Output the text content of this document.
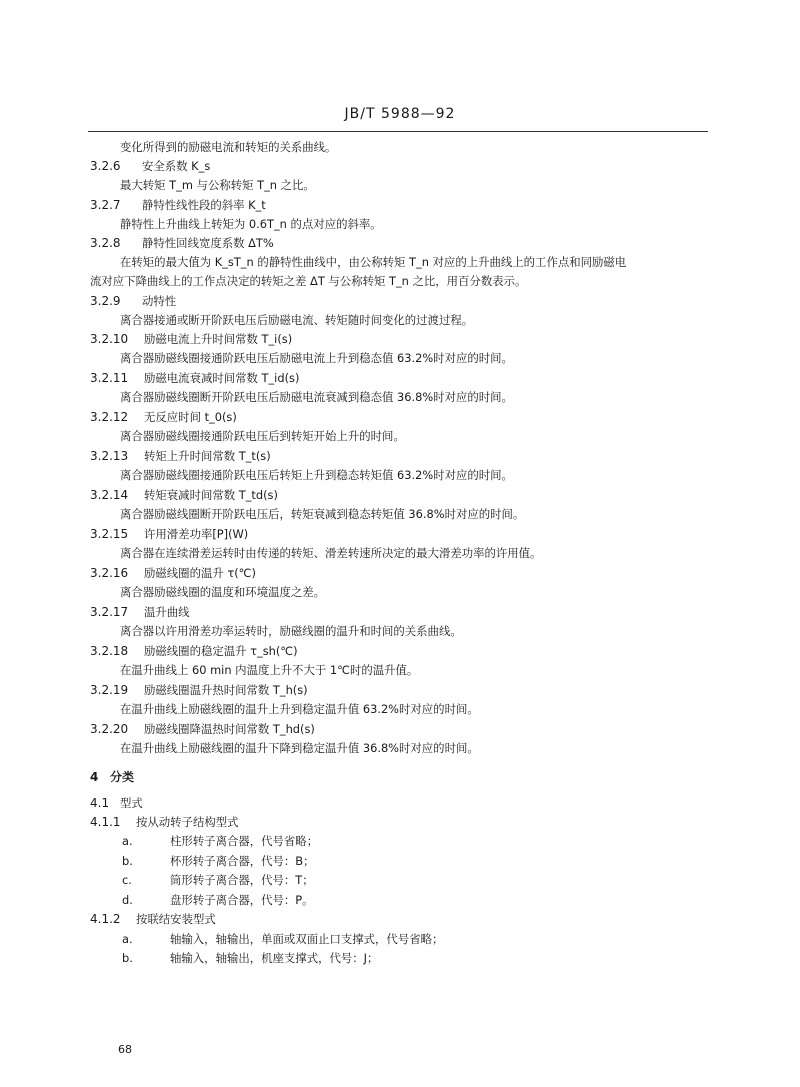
JB/T 5988—92
变化所得到的励磁电流和转矩的关系曲线。
3.2.6 安全系数 K_s
最大转矩 T_m 与公称转矩 T_n 之比。
3.2.7 静特性线性段的斜率 K_t
静特性上升曲线上转矩为 0.6T_n 的点对应的斜率。
3.2.8 静特性回线宽度系数 ΔT%
在转矩的最大值为 K_sT_n 的静特性曲线中，由公称转矩 T_n 对应的上升曲线上的工作点和同励磁电
流对应下降曲线上的工作点决定的转矩之差 ΔT 与公称转矩 T_n 之比，用百分数表示。
3.2.9 动特性
离合器接通或断开阶跃电压后励磁电流、转矩随时间变化的过渡过程。
3.2.10 励磁电流上升时间常数 T_i(s)
离合器励磁线圈接通阶跃电压后励磁电流上升到稳态值 63.2%时对应的时间。
3.2.11 励磁电流衰减时间常数 T_id(s)
离合器励磁线圈断开阶跃电压后励磁电流衰减到稳态值 36.8%时对应的时间。
3.2.12 无反应时间 t_0(s)
离合器励磁线圈接通阶跃电压后到转矩开始上升的时间。
3.2.13 转矩上升时间常数 T_t(s)
离合器励磁线圈接通阶跃电压后转矩上升到稳态转矩值 63.2%时对应的时间。
3.2.14 转矩衰减时间常数 T_td(s)
离合器励磁线圈断开阶跃电压后，转矩衰减到稳态转矩值 36.8%时对应的时间。
3.2.15 许用滑差功率[P](W)
离合器在连续滑差运转时由传递的转矩、滑差转速所决定的最大滑差功率的许用值。
3.2.16 励磁线圈的温升 τ(℃)
离合器励磁线圈的温度和环境温度之差。
3.2.17 温升曲线
离合器以许用滑差功率运转时，励磁线圈的温升和时间的关系曲线。
3.2.18 励磁线圈的稳定温升 τ_sh(℃)
在温升曲线上 60 min 内温度上升不大于 1℃时的温升值。
3.2.19 励磁线圈温升热时间常数 T_h(s)
在温升曲线上励磁线圈的温升上升到稳定温升值 63.2%时对应的时间。
3.2.20 励磁线圈降温热时间常数 T_hd(s)
在温升曲线上励磁线圈的温升下降到稳定温升值 36.8%时对应的时间。
4 分类
4.1 型式
4.1.1 按从动转子结构型式
a.	柱形转子离合器，代号省略；
b.	杯形转子离合器，代号：B；
c.	筒形转子离合器，代号：T；
d.	盘形转子离合器，代号：P。
4.1.2 按联结安装型式
a.	轴输入，轴输出，单面或双面止口支撑式，代号省略；
b.	轴输入，轴输出，机座支撑式，代号：J；
68
